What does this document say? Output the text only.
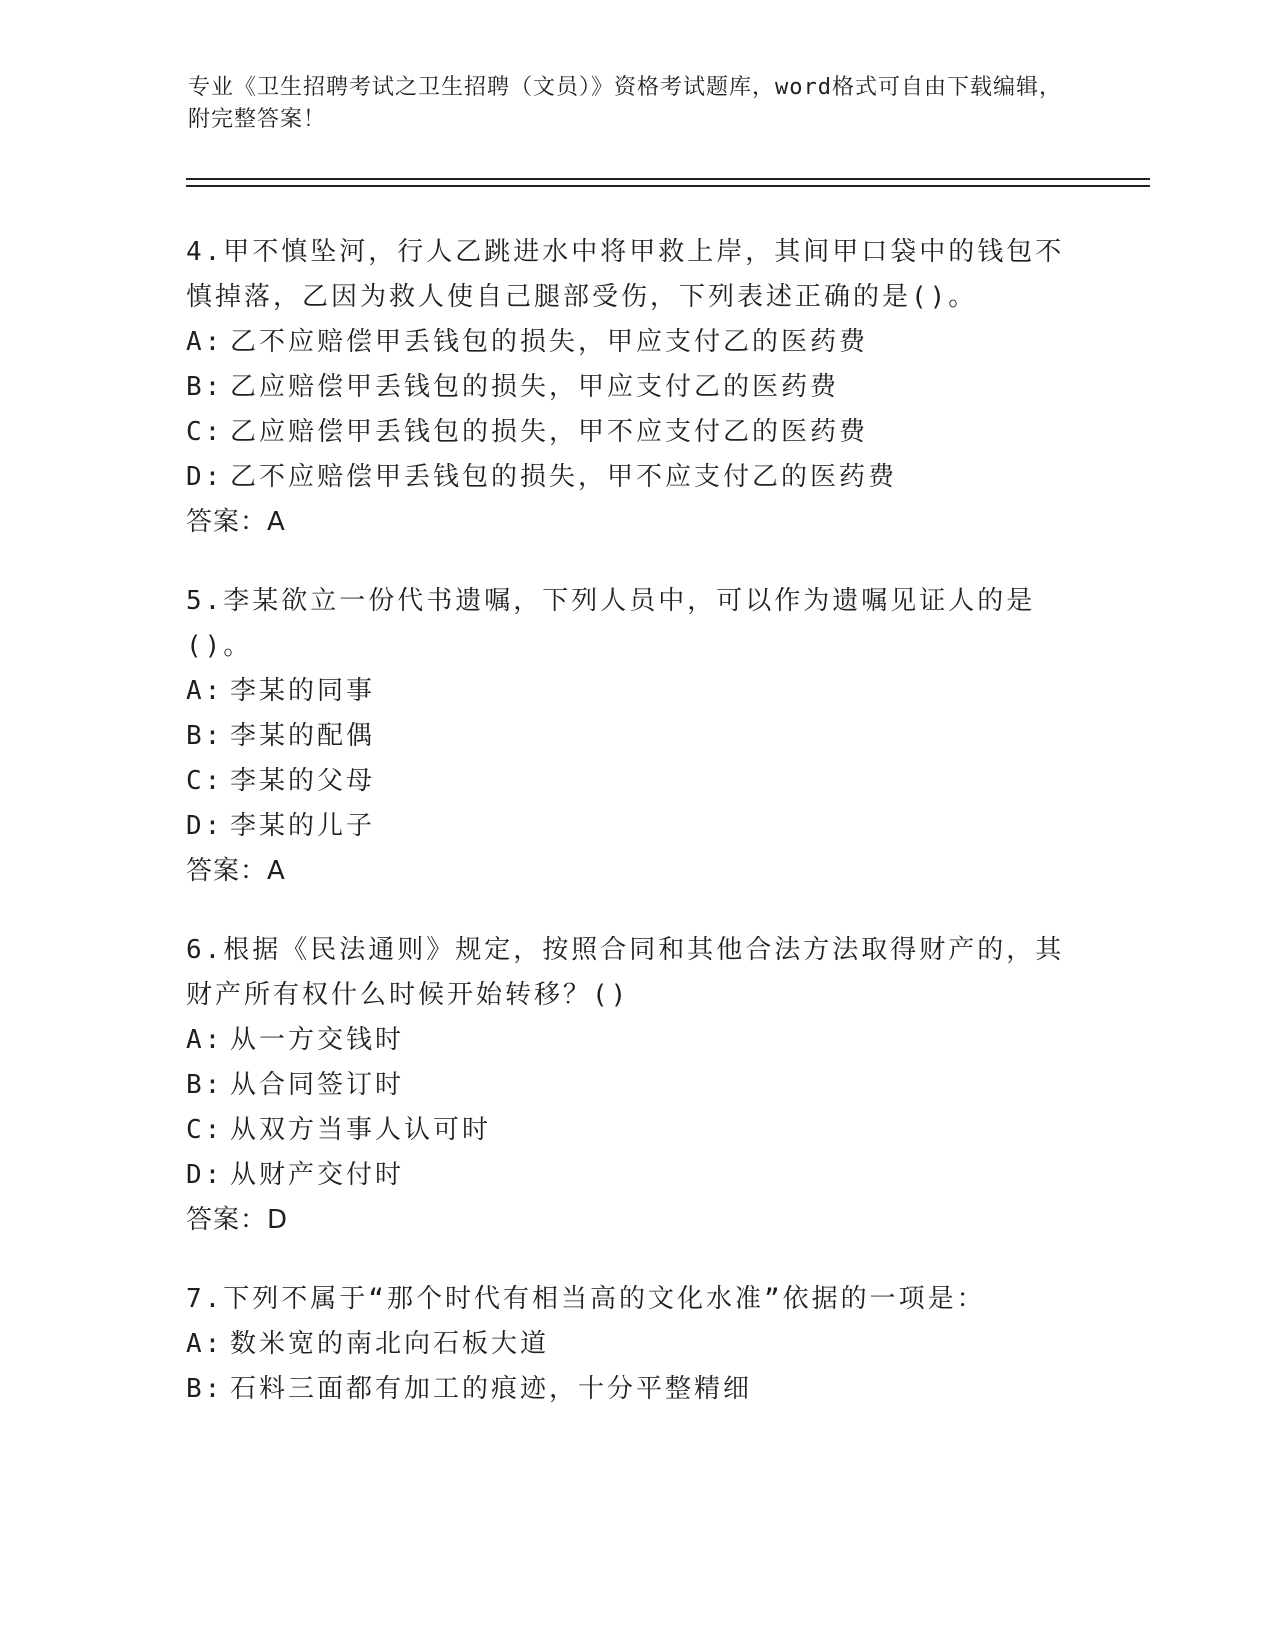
专业《卫生招聘考试之卫生招聘（文员）》资格考试题库，word格式可自由下载编辑，附完整答案！
4.甲不慎坠河，行人乙跳进水中将甲救上岸，其间甲口袋中的钱包不慎掉落，乙因为救人使自己腿部受伤，下列表述正确的是()。
A: 乙不应赔偿甲丢钱包的损失，甲应支付乙的医药费
B: 乙应赔偿甲丢钱包的损失，甲应支付乙的医药费
C: 乙应赔偿甲丢钱包的损失，甲不应支付乙的医药费
D: 乙不应赔偿甲丢钱包的损失，甲不应支付乙的医药费
答案：A
5.李某欲立一份代书遗嘱，下列人员中，可以作为遗嘱见证人的是()。
A: 李某的同事
B: 李某的配偶
C: 李某的父母
D: 李某的儿子
答案：A
6.根据《民法通则》规定，按照合同和其他合法方法取得财产的，其财产所有权什么时候开始转移？()
A: 从一方交钱时
B: 从合同签订时
C: 从双方当事人认可时
D: 从财产交付时
答案：D
7.下列不属于“那个时代有相当高的文化水准”依据的一项是：
A: 数米宽的南北向石板大道
B: 石料三面都有加工的痕迹，十分平整精细
